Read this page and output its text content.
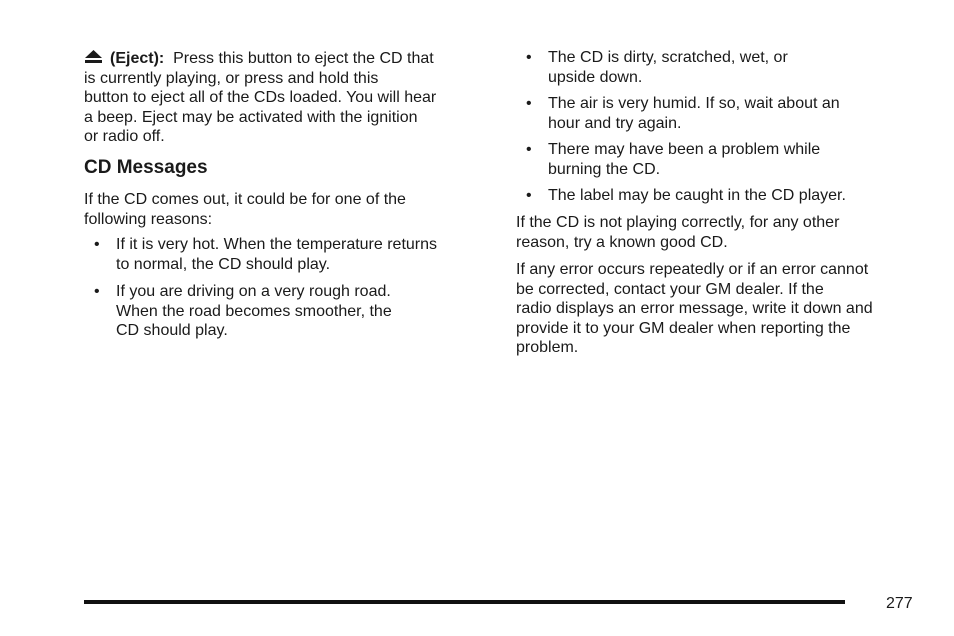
(Eject): Press this button to eject the CD that
is currently playing, or press and hold this
button to eject all of the CDs loaded. You will hear
a beep. Eject may be activated with the ignition
or radio off.
CD Messages
If the CD comes out, it could be for one of the
following reasons:
• If it is very hot. When the temperature returns
to normal, the CD should play.
• If you are driving on a very rough road.
When the road becomes smoother, the
CD should play.
• The CD is dirty, scratched, wet, or
upside down.
• The air is very humid. If so, wait about an
hour and try again.
• There may have been a problem while
burning the CD.
• The label may be caught in the CD player.
If the CD is not playing correctly, for any other
reason, try a known good CD.
If any error occurs repeatedly or if an error cannot
be corrected, contact your GM dealer. If the
radio displays an error message, write it down and
provide it to your GM dealer when reporting the
problem.
277
